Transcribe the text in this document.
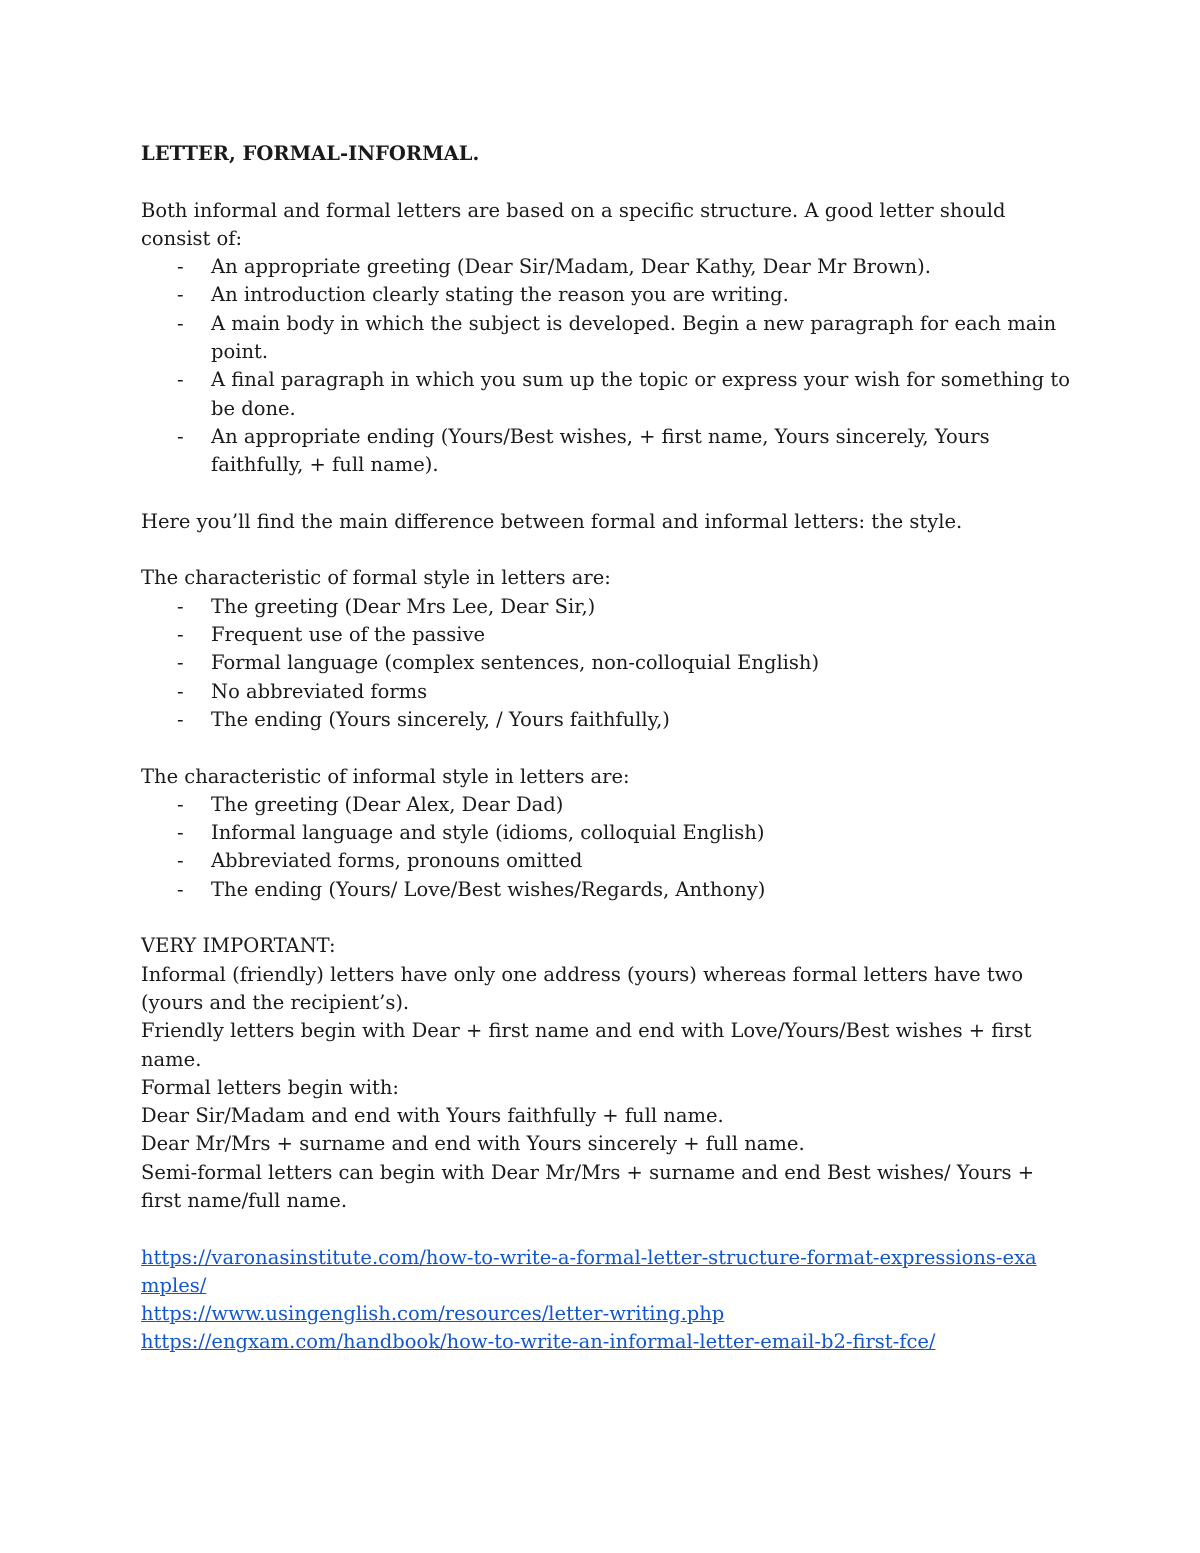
LETTER, FORMAL-INFORMAL.

Both informal and formal letters are based on a specific structure. A good letter should consist of:

- An appropriate greeting (Dear Sir/Madam, Dear Kathy, Dear Mr Brown).
- An introduction clearly stating the reason you are writing.
- A main body in which the subject is developed. Begin a new paragraph for each main point.
- A final paragraph in which you sum up the topic or express your wish for something to be done.
- An appropriate ending (Yours/Best wishes, + first name, Yours sincerely, Yours faithfully, + full name).

Here you’ll find the main difference between formal and informal letters: the style.

The characteristic of formal style in letters are:

- The greeting (Dear Mrs Lee, Dear Sir,)
- Frequent use of the passive
- Formal language (complex sentences, non-colloquial English)
- No abbreviated forms
- The ending (Yours sincerely, / Yours faithfully,)

The characteristic of informal style in letters are:

- The greeting (Dear Alex, Dear Dad)
- Informal language and style (idioms, colloquial English)
- Abbreviated forms, pronouns omitted
- The ending (Yours/ Love/Best wishes/Regards, Anthony)

VERY IMPORTANT:

Informal (friendly) letters have only one address (yours) whereas formal letters have two (yours and the recipient’s).

Friendly letters begin with Dear + first name and end with Love/Yours/Best wishes + first name.

Formal letters begin with:

Dear Sir/Madam and end with Yours faithfully + full name.

Dear Mr/Mrs + surname and end with Yours sincerely + full name.

Semi-formal letters can begin with Dear Mr/Mrs + surname and end Best wishes/ Yours + first name/full name.

https://varonasinstitute.com/how-to-write-a-formal-letter-structure-format-expressions-examples/

https://www.usingenglish.com/resources/letter-writing.php

https://engxam.com/handbook/how-to-write-an-informal-letter-email-b2-first-fce/
